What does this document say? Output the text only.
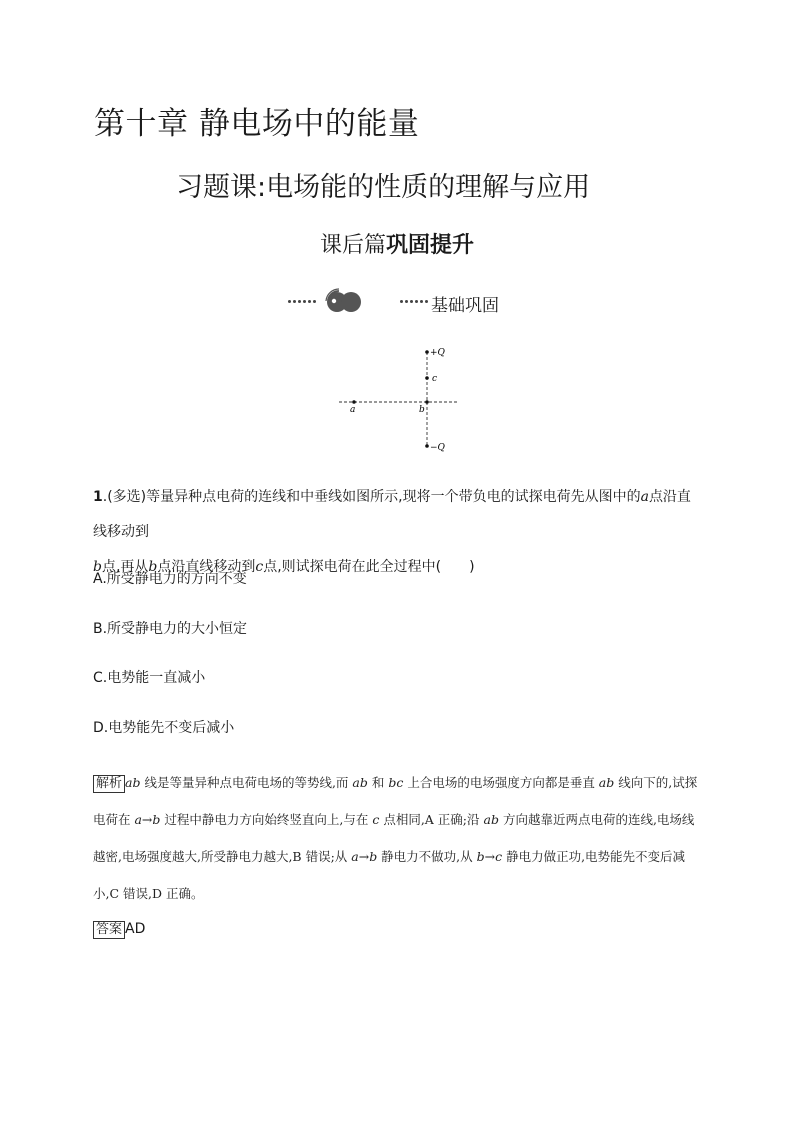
第十章 静电场中的能量
习题课:电场能的性质的理解与应用
课后篇巩固提升
基础巩固
+Q
c
a	b
−Q
1.(多选)等量异种点电荷的连线和中垂线如图所示,现将一个带负电的试探电荷先从图中的a点沿直线移动到
b点,再从b点沿直线移动到c点,则试探电荷在此全过程中(　　)
A.所受静电力的方向不变
B.所受静电力的大小恒定
C.电势能一直减小
D.电势能先不变后减小
解析 ab 线是等量异种点电荷电场的等势线,而 ab 和 bc 上合电场的电场强度方向都是垂直 ab 线向下的,试探电荷在 a→b 过程中静电力方向始终竖直向上,与在 c 点相同,A 正确;沿 ab 方向越靠近两点电荷的连线,电场线越密,电场强度越大,所受静电力越大,B 错误;从 a→b 静电力不做功,从 b→c 静电力做正功,电势能先不变后减小,C 错误,D 正确。
答案 AD
